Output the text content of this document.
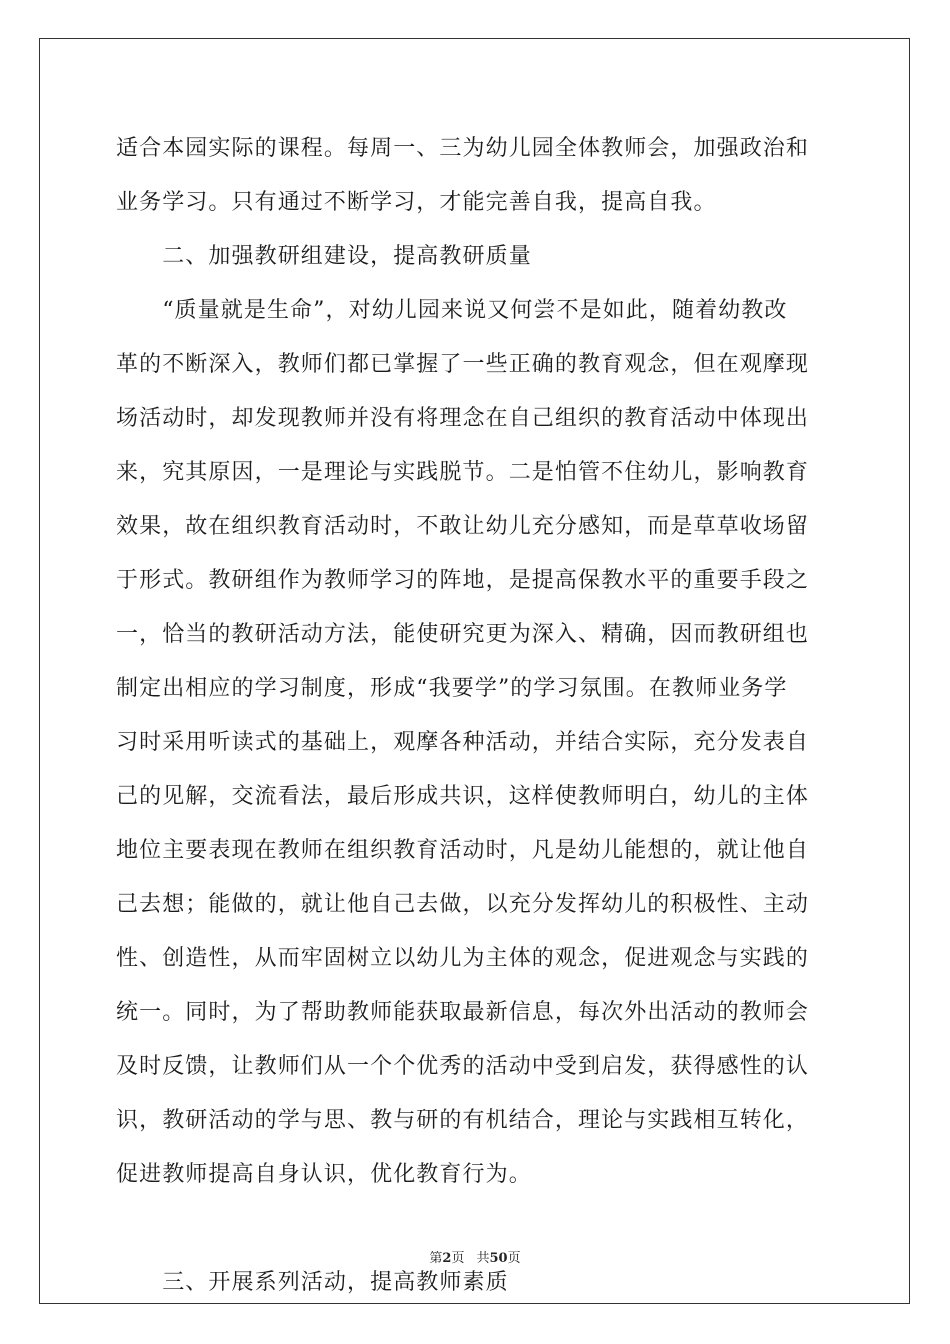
适合本园实际的课程。每周一、三为幼儿园全体教师会，加强政治和
业务学习。只有通过不断学习，才能完善自我，提高自我。
　　二、加强教研组建设，提高教研质量
　　“质量就是生命”，对幼儿园来说又何尝不是如此，随着幼教改
革的不断深入，教师们都已掌握了一些正确的教育观念，但在观摩现
场活动时，却发现教师并没有将理念在自己组织的教育活动中体现出
来，究其原因，一是理论与实践脱节。二是怕管不住幼儿，影响教育
效果，故在组织教育活动时，不敢让幼儿充分感知，而是草草收场留
于形式。教研组作为教师学习的阵地，是提高保教水平的重要手段之
一，恰当的教研活动方法，能使研究更为深入、精确，因而教研组也
制定出相应的学习制度，形成“我要学”的学习氛围。在教师业务学
习时采用听读式的基础上，观摩各种活动，并结合实际，充分发表自
己的见解，交流看法，最后形成共识，这样使教师明白，幼儿的主体
地位主要表现在教师在组织教育活动时，凡是幼儿能想的，就让他自
己去想；能做的，就让他自己去做，以充分发挥幼儿的积极性、主动
性、创造性，从而牢固树立以幼儿为主体的观念，促进观念与实践的
统一。同时，为了帮助教师能获取最新信息，每次外出活动的教师会
及时反馈，让教师们从一个个优秀的活动中受到启发，获得感性的认
识，教研活动的学与思、教与研的有机结合，理论与实践相互转化，
促进教师提高自身认识，优化教育行为。
　　三、开展系列活动，提高教师素质
第2页 共50页
